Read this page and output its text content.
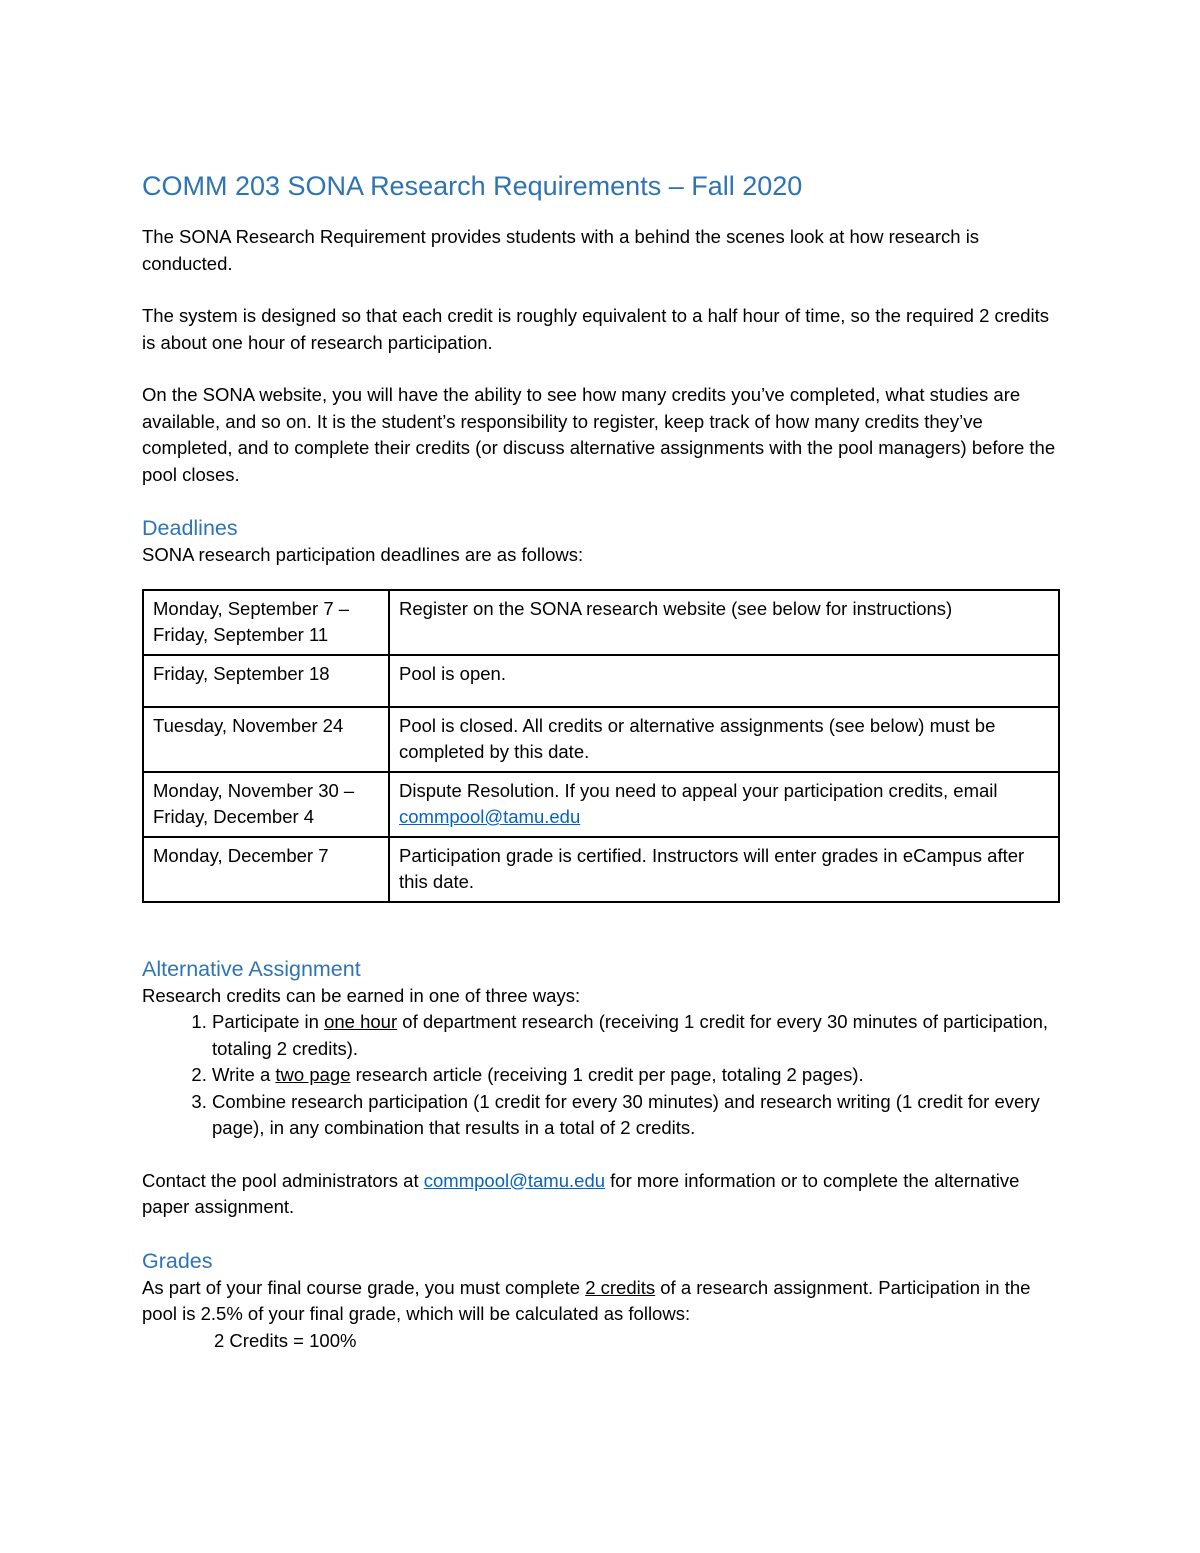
COMM 203 SONA Research Requirements – Fall 2020

The SONA Research Requirement provides students with a behind the scenes look at how research is conducted.

The system is designed so that each credit is roughly equivalent to a half hour of time, so the required 2 credits is about one hour of research participation.

On the SONA website, you will have the ability to see how many credits you’ve completed, what studies are available, and so on. It is the student’s responsibility to register, keep track of how many credits they’ve completed, and to complete their credits (or discuss alternative assignments with the pool managers) before the pool closes.

Deadlines

SONA research participation deadlines are as follows:

Monday, September 7 – Friday, September 11	Register on the SONA research website (see below for instructions)
Friday, September 18	Pool is open.
Tuesday, November 24	Pool is closed. All credits or alternative assignments (see below) must be completed by this date.
Monday, November 30 – Friday, December 4	Dispute Resolution. If you need to appeal your participation credits, email commpool@tamu.edu
Monday, December 7	Participation grade is certified. Instructors will enter grades in eCampus after this date.
Alternative Assignment
Research credits can be earned in one of three ways:
1. Participate in one hour of department research (receiving 1 credit for every 30 minutes of participation, totaling 2 credits).
2. Write a two page research article (receiving 1 credit per page, totaling 2 pages).
3. Combine research participation (1 credit for every 30 minutes) and research writing (1 credit for every page), in any combination that results in a total of 2 credits.

Contact the pool administrators at commpool@tamu.edu for more information or to complete the alternative paper assignment.

Grades

As part of your final course grade, you must complete 2 credits of a research assignment. Participation in the pool is 2.5% of your final grade, which will be calculated as follows:

2 Credits = 100%
